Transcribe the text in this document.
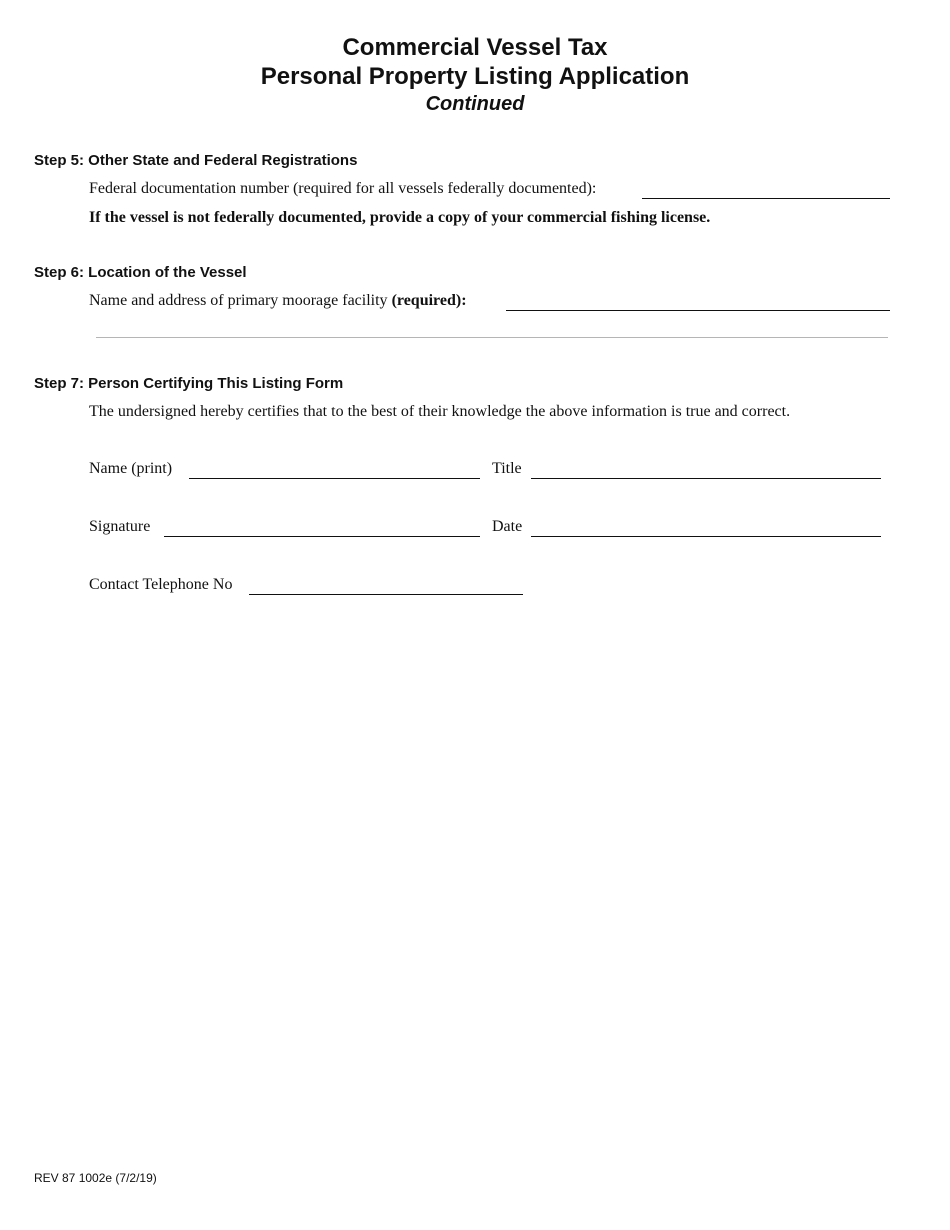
Commercial Vessel Tax
Personal Property Listing Application
Continued
Step 5: Other State and Federal Registrations
Federal documentation number (required for all vessels federally documented):
If the vessel is not federally documented, provide a copy of your commercial fishing license.
Step 6: Location of the Vessel
Name and address of primary moorage facility (required):
Step 7: Person Certifying This Listing Form
The undersigned hereby certifies that to the best of their knowledge the above information is true and correct.
Name (print)	Title
Signature	Date
Contact Telephone No
REV 87 1002e (7/2/19)
